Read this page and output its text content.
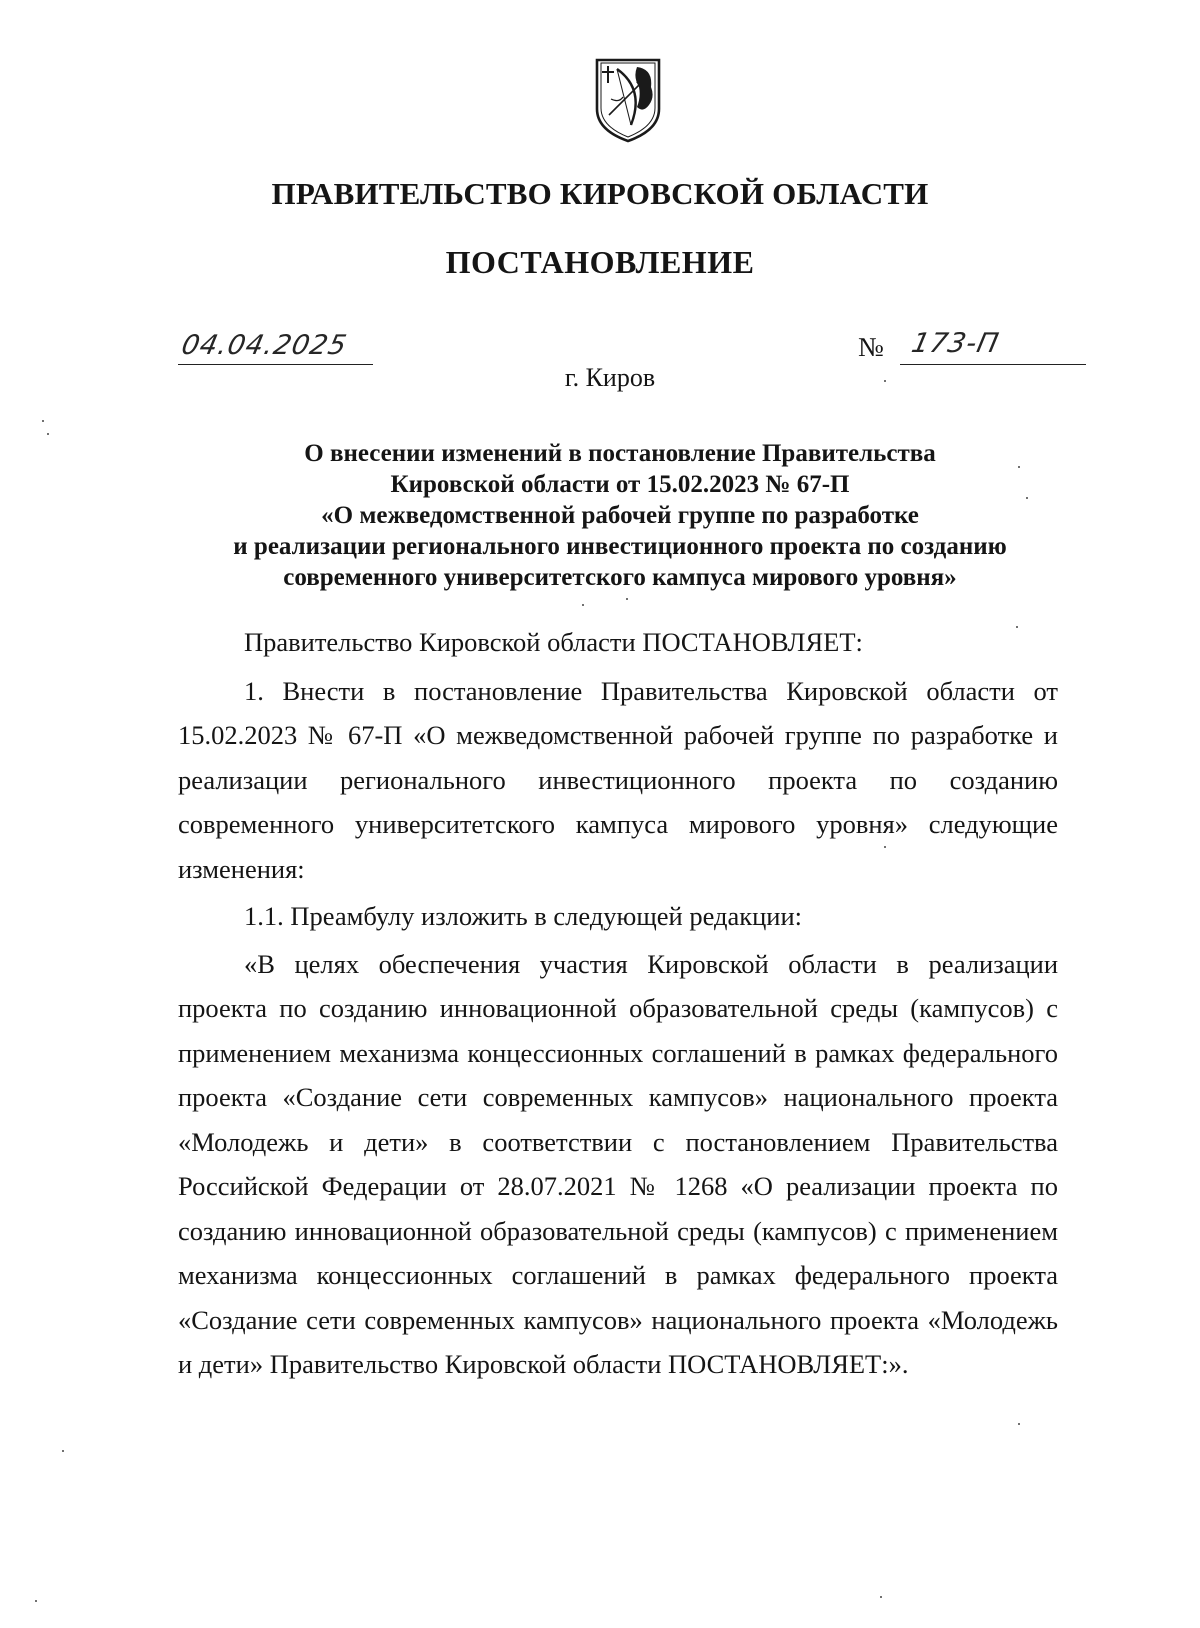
ПРАВИТЕЛЬСТВО КИРОВСКОЙ ОБЛАСТИ
ПОСТАНОВЛЕНИЕ
04.04.2025	№ 173-П
г. Киров
О внесении изменений в постановление Правительства
Кировской области от 15.02.2023 № 67-П
«О межведомственной рабочей группе по разработке
и реализации регионального инвестиционного проекта по созданию
современного университетского кампуса мирового уровня»

Правительство Кировской области ПОСТАНОВЛЯЕТ:

1. Внести в постановление Правительства Кировской области от 15.02.2023 № 67-П «О межведомственной рабочей группе по разработке и реализации регионального инвестиционного проекта по созданию современного университетского кампуса мирового уровня» следующие изменения:

1.1. Преамбулу изложить в следующей редакции:

«В целях обеспечения участия Кировской области в реализации проекта по созданию инновационной образовательной среды (кампусов) с применением механизма концессионных соглашений в рамках федерального проекта «Создание сети современных кампусов» национального проекта «Молодежь и дети» в соответствии с постановлением Правительства Российской Федерации от 28.07.2021 № 1268 «О реализации проекта по созданию инновационной образовательной среды (кампусов) с применением механизма концессионных соглашений в рамках федерального проекта «Создание сети современных кампусов» национального проекта «Молодежь и дети» Правительство Кировской области ПОСТАНОВЛЯЕТ:».
